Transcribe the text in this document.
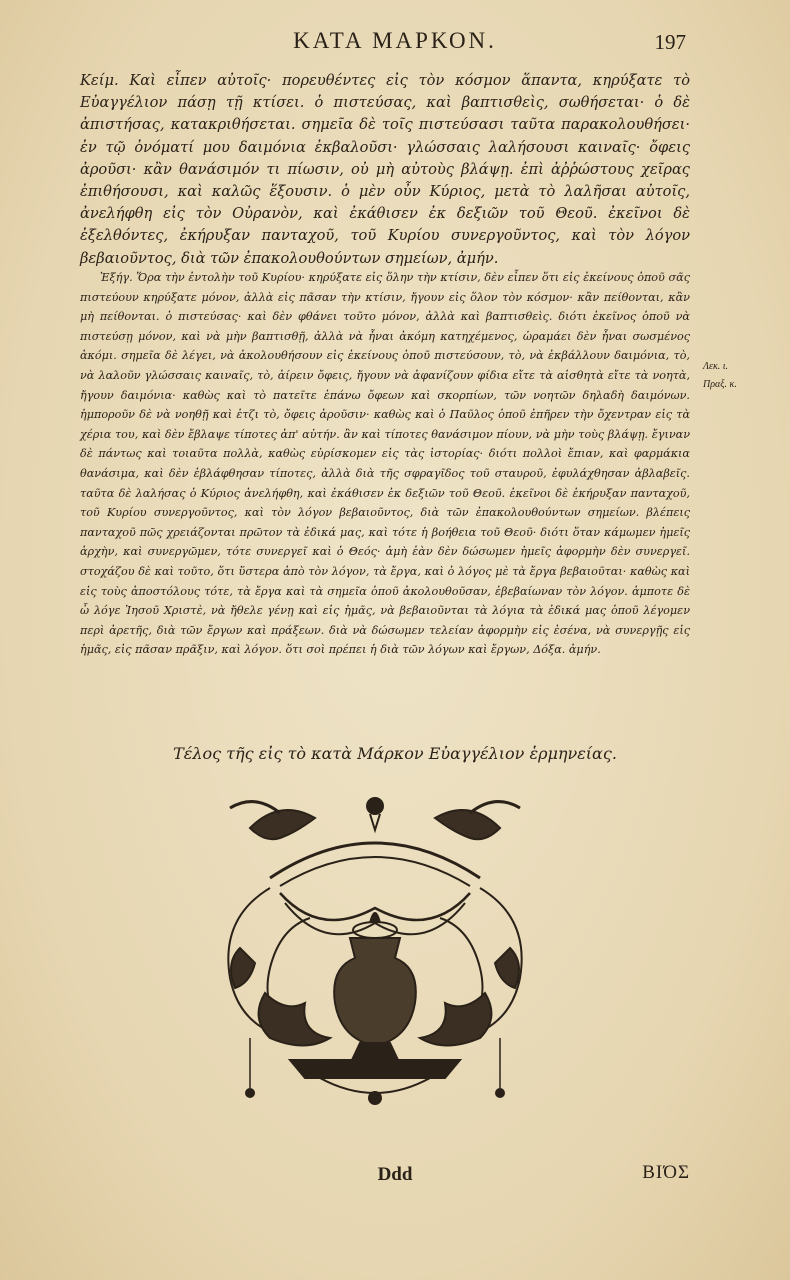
ΚΑΤΑ ΜΑΡΚΟΝ.	197
Κείμ. Καὶ εἶπεν αὐτοῖς· πορευθέντες εἰς τὸν κόσμον ἅπαντα, κηρύξατε τὸ Εὐαγγέλιον πάσῃ τῇ κτίσει. ὁ πιστεύσας, καὶ βαπτισθεὶς, σωθήσεται· ὁ δὲ ἀπιστήσας, κατακριθήσεται. σημεῖα δὲ τοῖς πιστεύσασι ταῦτα παρακολουθήσει· ἐν τῷ ὀνόματί μου δαιμόνια ἐκβαλοῦσι· γλώσσαις λαλήσουσι καιναῖς· ὄφεις ἀροῦσι· κἂν θανάσιμόν τι πίωσιν, οὐ μὴ αὐτοὺς βλάψῃ. ἐπὶ ἀῤῥώστους χεῖρας ἐπιθήσουσι, καὶ καλῶς ἕξουσιν. ὁ μὲν οὖν Κύριος, μετὰ τὸ λαλῆσαι αὐτοῖς, ἀνελήφθη εἰς τὸν Οὐρανὸν, καὶ ἐκάθισεν ἐκ δεξιῶν τοῦ Θεοῦ. ἐκεῖνοι δὲ ἐξελθόντες, ἐκήρυξαν πανταχοῦ, τοῦ Κυρίου συνεργοῦντος, καὶ τὸν λόγον βεβαιοῦντος, διὰ τῶν ἐπακολουθούντων σημείων, ἀμήν.
Ἐξήγ. Ὅρα τὴν ἐντολὴν τοῦ Κυρίου· κηρύξατε εἰς ὅλην τὴν κτίσιν, δὲν εἶπεν ὅτι εἰς ἐκείνους ὁποῦ σᾶς πιστεύουν κηρύξατε μόνον, ἀλλὰ εἰς πᾶσαν τὴν κτίσιν, ἤγουν εἰς ὅλον τὸν κόσμον· κἂν πείθονται, κἂν μὴ πείθονται. ὁ πιστεύσας· καὶ δὲν φθάνει τοῦτο μόνον, ἀλλὰ καὶ βαπτισθεὶς. διότι ἐκεῖνος ὁποῦ νὰ πιστεύσῃ μόνον, καὶ νὰ μὴν βαπτισθῇ, ἀλλὰ νὰ ἦναι ἀκόμη κατηχέμενος, ὡραμάει δὲν ἦναι σωσμένος ἀκόμι. σημεῖα δὲ λέγει, νὰ ἀκολουθήσουν εἰς ἐκείνους ὁποῦ πιστεύσουν, τὸ, νὰ ἐκβάλλουν δαιμόνια, τὸ, νὰ λαλοῦν γλώσσαις καιναῖς, τὸ, ἀίρειν ὄφεις, ἤγουν νὰ ἀφανίζουν φίδια εἴτε τὰ αἰσθητὰ εἴτε τὰ νοητὰ, ἤγουν δαιμόνια· καθὼς καὶ τὸ πατεῖτε ἐπάνω ὄφεων καὶ σκορπίων, τῶν νοητῶν δηλαδὴ δαιμόνων. ἠμποροῦν δὲ νὰ νοηθῇ καὶ ἐτζι τὸ, ὄφεις ἀροῦσιν· καθὼς καὶ ὁ Παῦλος ὁποῦ ἐπῆρεν τὴν ὄχεντραν εἰς τὰ χέρια του, καὶ δὲν ἔβλαψε τίποτες ἀπ' αὐτήν. ἂν καὶ τίποτες θανάσιμον πίουν, νὰ μὴν τοὺς βλάψῃ. ἔγιναν δὲ πάντως καὶ τοιαῦτα πολλὰ, καθὼς εὑρίσκομεν εἰς τὰς ἱστορίας· διότι πολλοὶ ἔπιαν, καὶ φαρμάκια θανάσιμα, καὶ δὲν ἐβλάφθησαν τίποτες, ἀλλὰ διὰ τῆς σφραγῖδος τοῦ σταυροῦ, ἐφυλάχθησαν ἀβλαβεῖς. ταῦτα δὲ λαλήσας ὁ Κύριος ἀνελήφθη, καὶ ἐκάθισεν ἐκ δεξιῶν τοῦ Θεοῦ. ἐκεῖνοι δὲ ἐκήρυξαν πανταχοῦ, τοῦ Κυρίου συνεργοῦντος, καὶ τὸν λόγον βεβαιοῦντος, διὰ τῶν ἐπακολουθούντων σημείων. βλέπεις πανταχοῦ πῶς χρειάζονται πρῶτον τὰ ἐδικά μας, καὶ τότε ἡ βοήθεια τοῦ Θεοῦ· διότι ὅταν κάμωμεν ἡμεῖς ἀρχὴν, καὶ συνεργῶμεν, τότε συνεργεῖ καὶ ὁ Θεός· ἀμὴ ἐὰν δὲν δώσωμεν ἡμεῖς ἀφορμὴν δὲν συνεργεῖ. στοχάζου δὲ καὶ τοῦτο, ὅτι ὕστερα ἀπὸ τὸν λόγον, τὰ ἔργα, καὶ ὁ λόγος μὲ τὰ ἔργα βεβαιοῦται· καθὼς καὶ εἰς τοὺς ἀποστόλους τότε, τὰ ἔργα καὶ τὰ σημεῖα ὁποῦ ἀκολουθοῦσαν, ἐβεβαίωναν τὸν λόγον. ἀμποτε δὲ ὦ λόγε Ἰησοῦ Χριστὲ, νὰ ἤθελε γένῃ καὶ εἰς ἡμᾶς, νὰ βεβαιοῦνται τὰ λόγια τὰ ἐδικά μας ὁποῦ λέγομεν περὶ ἀρετῆς, διὰ τῶν ἔργων καὶ πράξεων. διὰ νὰ δώσωμεν τελείαν ἀφορμὴν εἰς ἐσένα, νὰ συνεργῇς εἰς ἡμᾶς, εἰς πᾶσαν πρᾶξιν, καὶ λόγον. ὅτι σοὶ πρέπει ἡ διὰ τῶν λόγων καὶ ἔργων, Δόξα. ἀμήν.
Λεκ. ι.
Πραξ. κ.
Τέλος τῆς εἰς τὸ κατὰ Μάρκον Εὐαγγέλιον ἑρμηνείας.
Ddd	ΒΙΌΣ
